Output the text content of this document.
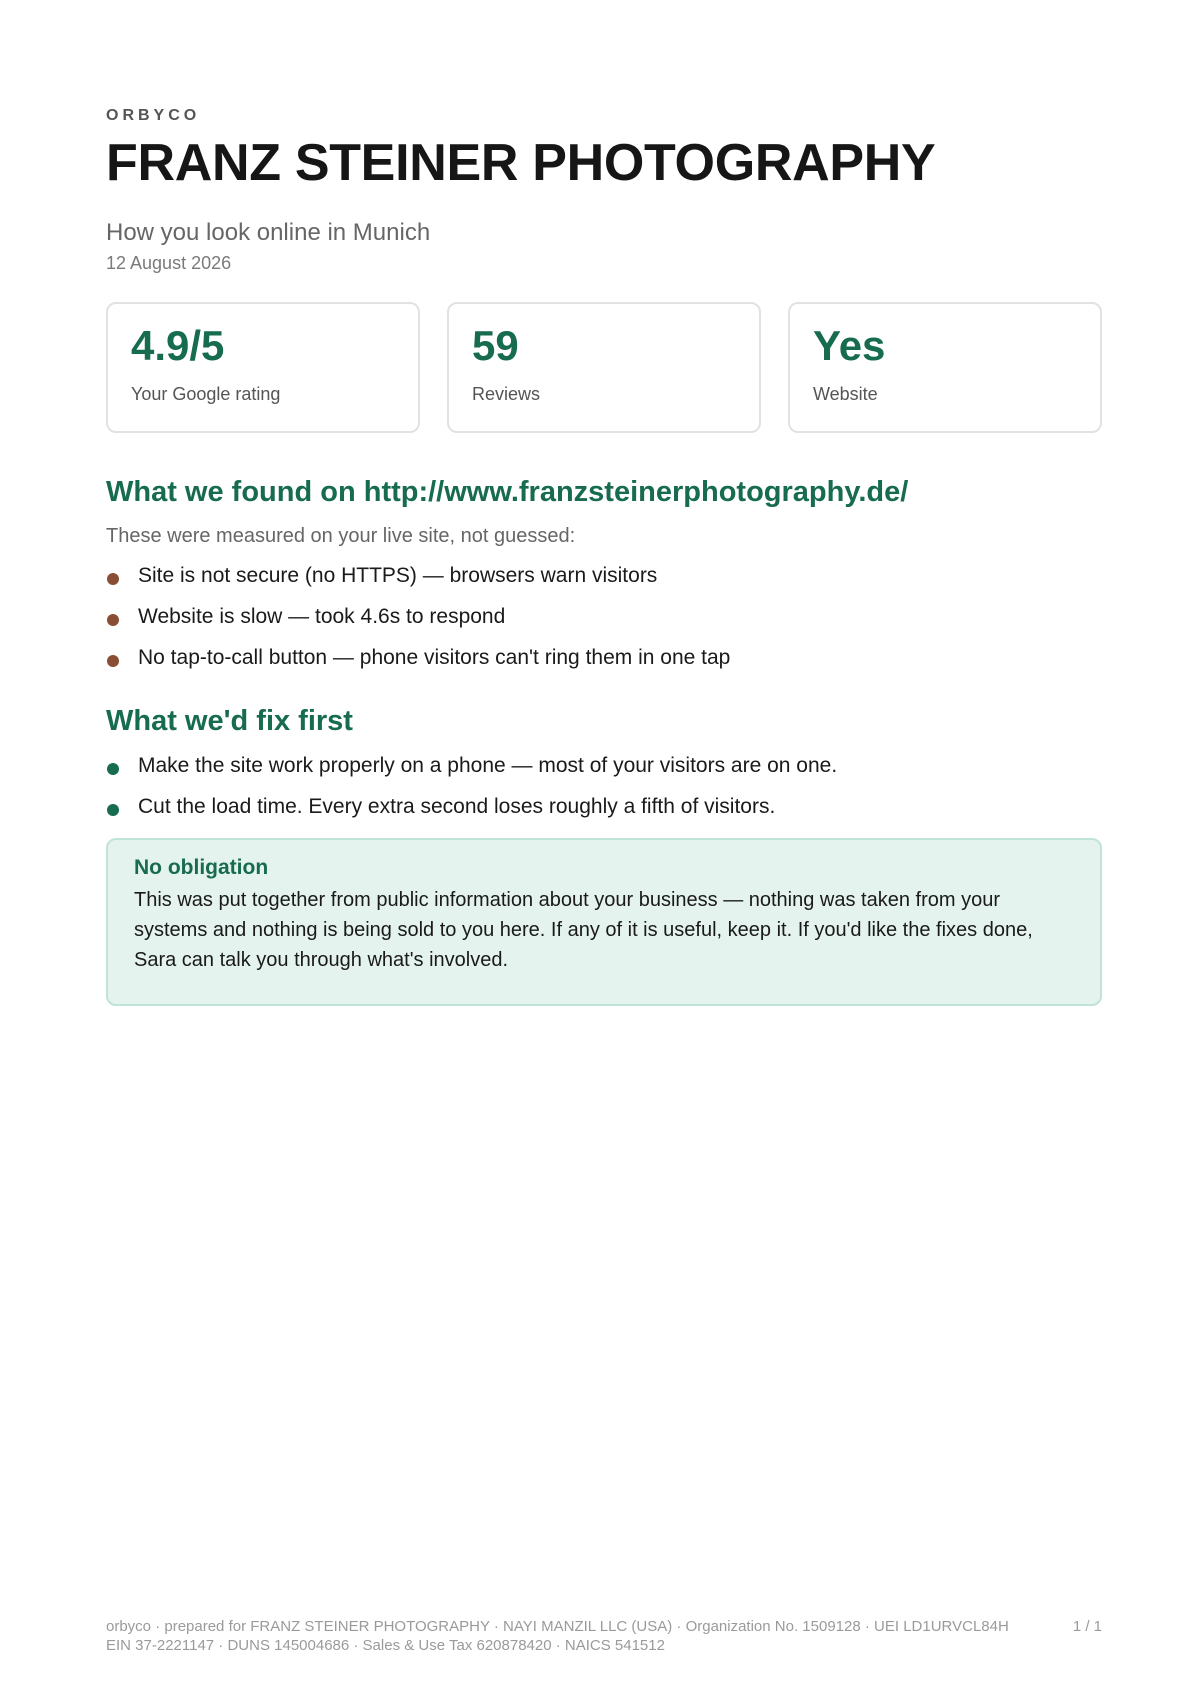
ORBYCO
FRANZ STEINER PHOTOGRAPHY
How you look online in Munich
12 August 2026
4.9/5
Your Google rating
59
Reviews
Yes
Website
What we found on http://www.franzsteinerphotography.de/
These were measured on your live site, not guessed:
Site is not secure (no HTTPS) — browsers warn visitors
Website is slow — took 4.6s to respond
No tap-to-call button — phone visitors can't ring them in one tap
What we'd fix first
Make the site work properly on a phone — most of your visitors are on one.
Cut the load time. Every extra second loses roughly a fifth of visitors.
No obligation
This was put together from public information about your business — nothing was taken from your systems and nothing is being sold to you here. If any of it is useful, keep it. If you'd like the fixes done, Sara can talk you through what's involved.
orbyco · prepared for FRANZ STEINER PHOTOGRAPHY · NAYI MANZIL LLC (USA) · Organization No. 1509128 · UEI LD1URVCL84H
EIN 37-2221147 · DUNS 145004686 · Sales & Use Tax 620878420 · NAICS 541512
1 / 1
